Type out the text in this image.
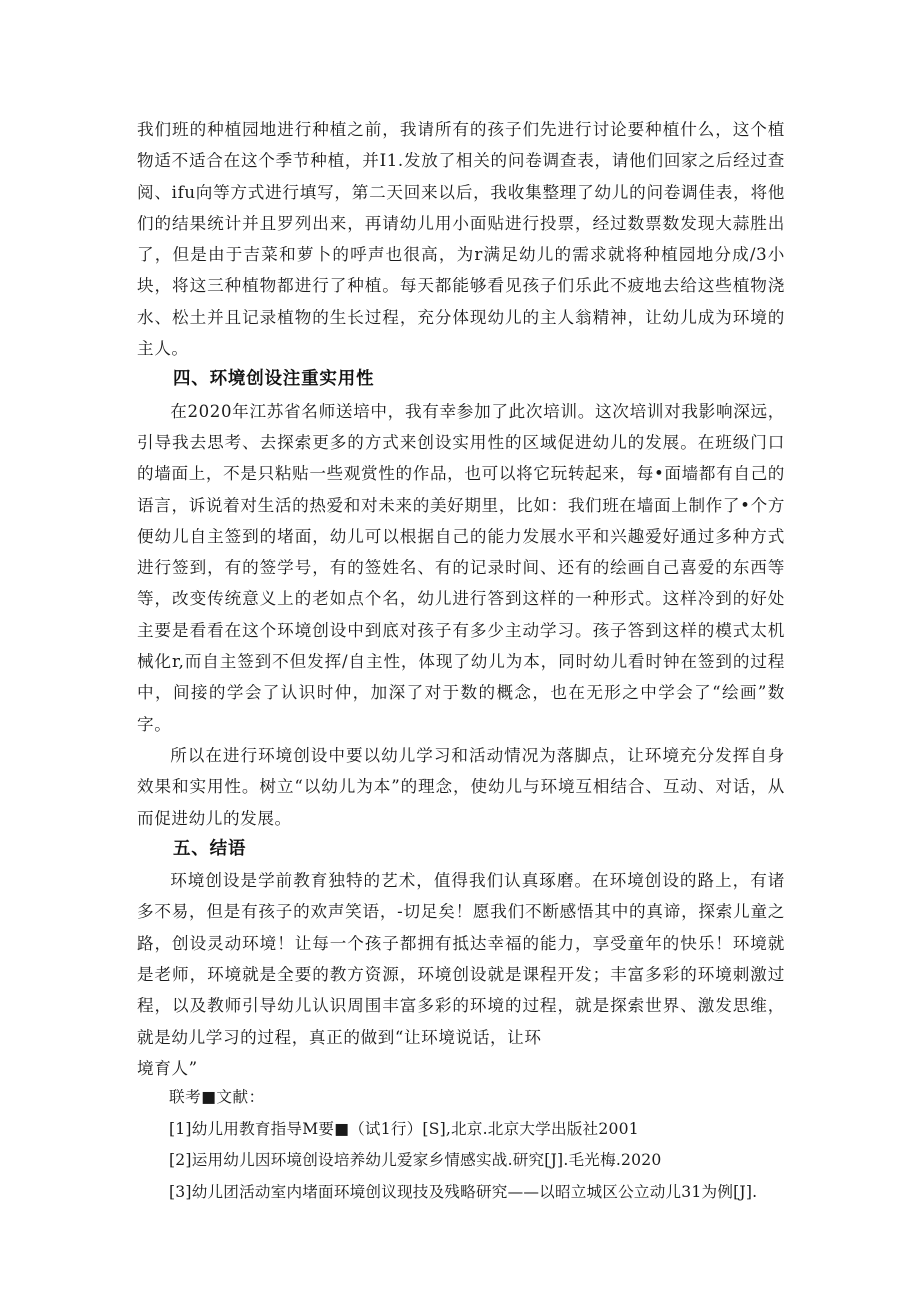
我们班的种植园地进行种植之前，我请所有的孩子们先进行讨论要种植什么，这个植物适不适合在这个季节种植，并I1.发放了相关的问卷调查表，请他们回家之后经过查阅、ifu向等方式进行填写，第二天回来以后，我收集整理了幼儿的问卷调佳表，将他们的结果统计并且罗列出来，再请幼儿用小面贴进行投票，经过数票数发现大蒜胜出了，但是由于吉菜和萝卜的呼声也很高，为r满足幼儿的需求就将种植园地分成/3小块，将这三种植物都进行了种植。每天都能够看见孩子们乐此不疲地去给这些植物浇水、松土并且记录植物的生长过程，充分体现幼儿的主人翁精神，让幼儿成为环境的主人。

四、环境创设注重实用性

在2020年江苏省名师送培中，我有幸参加了此次培训。这次培训对我影响深远，引导我去思考、去探索更多的方式来创设实用性的区域促进幼儿的发展。在班级门口的墙面上，不是只粘贴一些观赏性的作品，也可以将它玩转起来，每•面墙都有自己的语言，诉说着对生活的热爱和对未来的美好期里，比如：我们班在墙面上制作了•个方便幼儿自主签到的堵面，幼儿可以根据自己的能力发展水平和兴趣爱好通过多种方式进行签到，有的签学号，有的签姓名、有的记录时间、还有的绘画自己喜爱的东西等等，改变传统意义上的老如点个名，幼儿进行答到这样的一种形式。这样冷到的好处主要是看看在这个环境创设中到底对孩子有多少主动学习。孩子答到这样的模式太机械化r,而自主签到不但发挥/自主性，体现了幼儿为本，同时幼儿看时钟在签到的过程中，间接的学会了认识时仲，加深了对于数的概念，也在无形之中学会了“绘画”数字。

所以在进行环境创设中要以幼儿学习和活动情况为落脚点，让环境充分发挥自身效果和实用性。树立“以幼儿为本”的理念，使幼儿与环境互相结合、互动、对话，从而促进幼儿的发展。

五、结语

环境创设是学前教育独特的艺术，值得我们认真琢磨。在环境创设的路上，有诸多不易，但是有孩子的欢声笑语，-切足矣！愿我们不断感悟其中的真谛，探索儿童之路，创设灵动环境！让每一个孩子都拥有抵达幸福的能力，享受童年的快乐！环境就是老师，环境就是全要的教方资源，环境创设就是课程开发；丰富多彩的环境刺激过程，以及教师引导幼儿认识周围丰富多彩的环境的过程，就是探索世界、激发思维，就是幼儿学习的过程，真正的做到“让环境说话，让环

境育人”

联考■文献：
[1]幼儿用教育指导M要■（试1行）[S],北京.北京大学出版社2001
[2]运用幼儿因环境创设培养幼儿爱家乡情感实战.研究[J].毛光梅.2020
[3]幼儿团活动室内堵面环境创议现技及残略研究——以昭立城区公立动儿31为例[J].
